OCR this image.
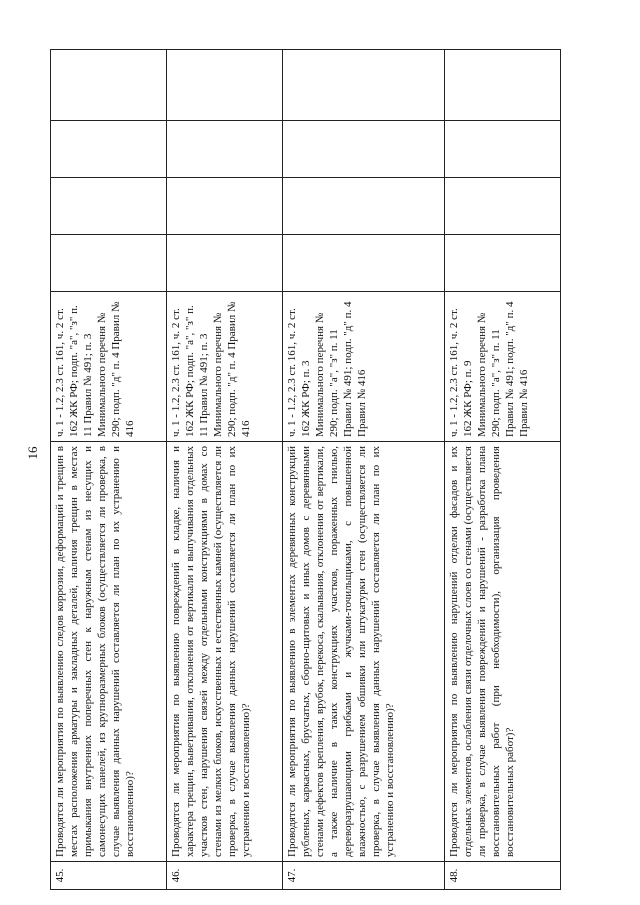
16
45.	Проводятся ли мероприятия по выявлению следов коррозии, деформаций и трещин в местах расположения арматуры и закладных деталей, наличия трещин в местах примыкания внутренних поперечных стен к наружным стенам из несущих и самонесущих панелей, из крупноразмерных блоков (осуществляется ли проверка, в случае выявления данных нарушений составляется ли план по их устранению и восстановлению)?	ч. 1 - 1.2, 2.3 ст. 161, ч. 2 ст. 162 ЖК РФ; подп. "а", "з" п. 11 Правил № 491; п. 3 Минимального перечня № 290; подп. "д" п. 4 Правил № 416				
46.	Проводятся ли мероприятия по выявлению повреждений в кладке, наличия и характера трещин, выветривания, отклонения от вертикали и выпучивания отдельных участков стен, нарушения связей между отдельными конструкциями в домах со стенами из мелких блоков, искусственных и естественных камней (осуществляется ли проверка, в случае выявления данных нарушений составляется ли план по их устранению и восстановлению)?	ч. 1 - 1.2, 2.3 ст. 161, ч. 2 ст. 162 ЖК РФ; подп. "а", "з" п. 11 Правил № 491; п. 3 Минимального перечня № 290; подп. "д" п. 4 Правил № 416				
47.	Проводятся ли мероприятия по выявлению в элементах деревянных конструкций рубленых, каркасных, брусчатых, сборно-щитовых и иных домов с деревянными стенами дефектов крепления, врубок, перекоса, скалывания, отклонения от вертикали, а также наличие в таких конструкциях участков, пораженных гнилью, дереворазрушающими грибками и жучками-точильщиками, с повышенной влажностью, с разрушением обшивки или штукатурки стен (осуществляется ли проверка, в случае выявления данных нарушений составляется ли план по их устранению и восстановлению)?	ч. 1 - 1.2, 2.3 ст. 161, ч. 2 ст. 162 ЖК РФ; п. 3 Минимального перечня № 290; подп. "а", "з" п. 11 Правил № 491; подп. "д" п. 4 Правил № 416				
48.	Проводятся ли мероприятия по выявлению нарушений отделки фасадов и их отдельных элементов, ослабления связи отделочных слоев со стенами (осуществляется ли проверка, в случае выявления повреждений и нарушений - разработка плана восстановительных работ (при необходимости), организация проведения восстановительных работ)?	ч. 1 - 1.2, 2.3 ст. 161, ч. 2 ст. 162 ЖК РФ; п. 9 Минимального перечня № 290; подп. "а", "з" п. 11 Правил № 491; подп. "д" п. 4 Правил № 416				
